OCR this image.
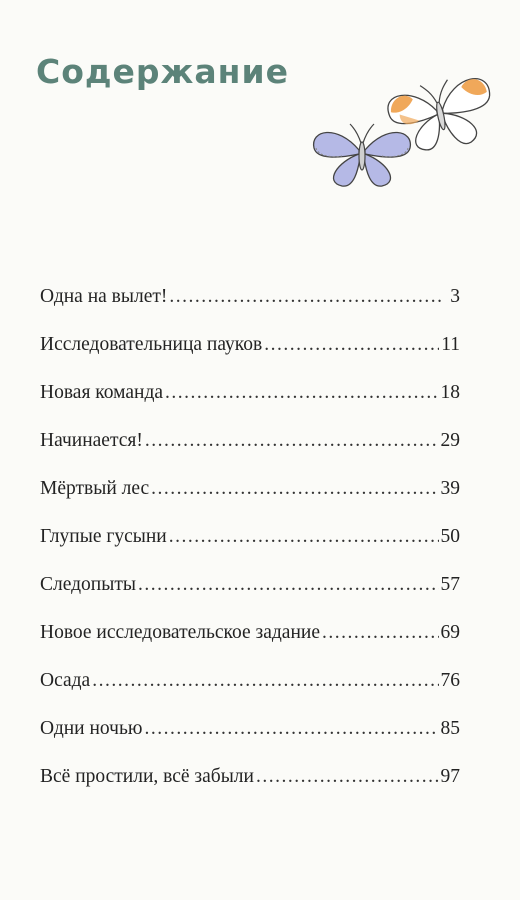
Содержание
Одна на вылет! .....	3
Исследовательница пауков .....	11
Новая команда .....	18
Начинается! .....	29
Мёртвый лес .....	39
Глупые гусыни .....	50
Следопыты .....	57
Новое исследовательское задание .....	69
Осада .....	76
Одни ночью .....	85
Всё простили, всё забыли .....	97
